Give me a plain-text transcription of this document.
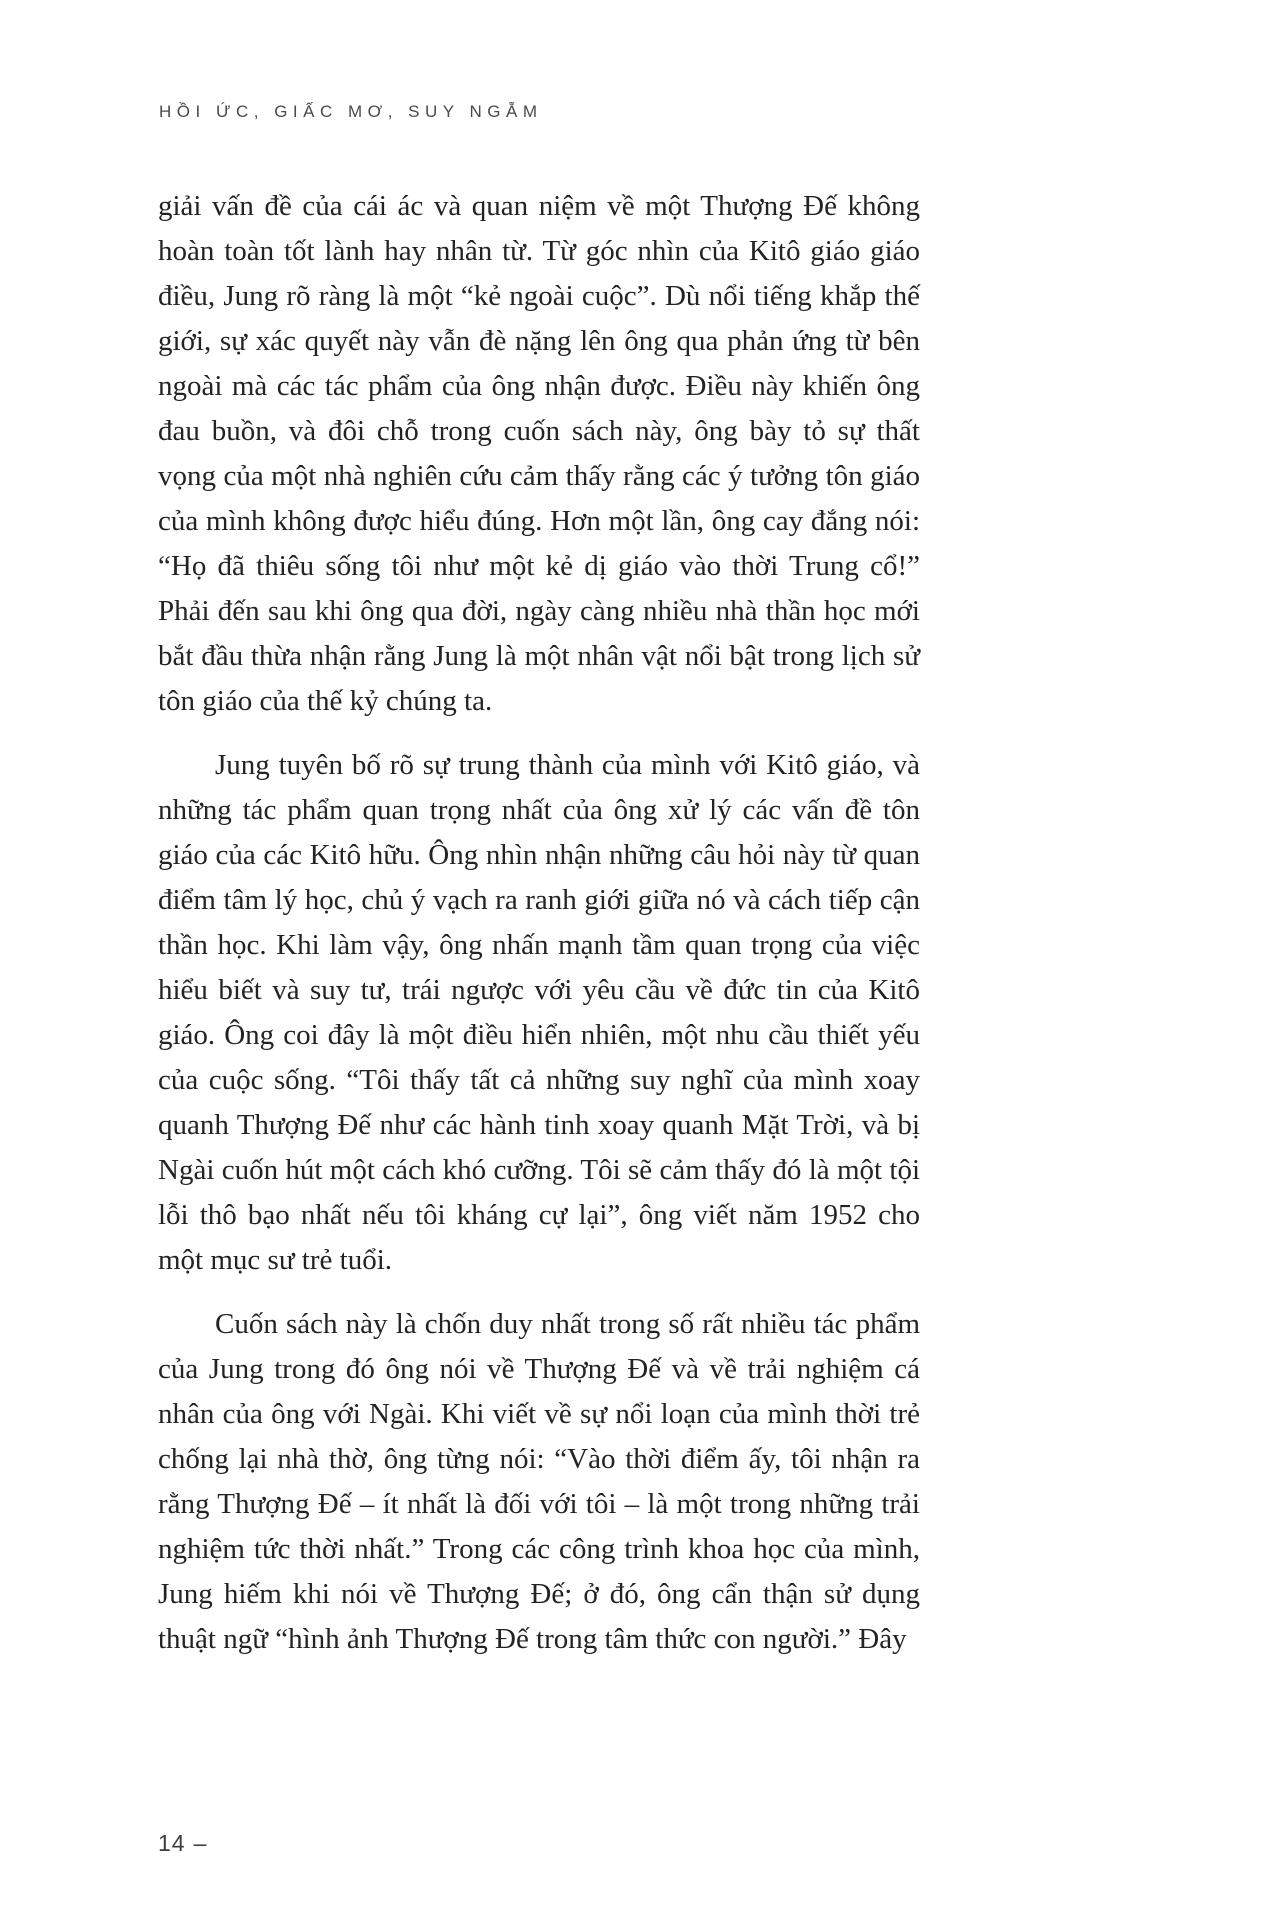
HỒI ỨC, GIẤC MƠ, SUY NGẪM

giải vấn đề của cái ác và quan niệm về một Thượng Đế không hoàn toàn tốt lành hay nhân từ. Từ góc nhìn của Kitô giáo giáo điều, Jung rõ ràng là một “kẻ ngoài cuộc”. Dù nổi tiếng khắp thế giới, sự xác quyết này vẫn đè nặng lên ông qua phản ứng từ bên ngoài mà các tác phẩm của ông nhận được. Điều này khiến ông đau buồn, và đôi chỗ trong cuốn sách này, ông bày tỏ sự thất vọng của một nhà nghiên cứu cảm thấy rằng các ý tưởng tôn giáo của mình không được hiểu đúng. Hơn một lần, ông cay đắng nói: “Họ đã thiêu sống tôi như một kẻ dị giáo vào thời Trung cổ!” Phải đến sau khi ông qua đời, ngày càng nhiều nhà thần học mới bắt đầu thừa nhận rằng Jung là một nhân vật nổi bật trong lịch sử tôn giáo của thế kỷ chúng ta.

Jung tuyên bố rõ sự trung thành của mình với Kitô giáo, và những tác phẩm quan trọng nhất của ông xử lý các vấn đề tôn giáo của các Kitô hữu. Ông nhìn nhận những câu hỏi này từ quan điểm tâm lý học, chủ ý vạch ra ranh giới giữa nó và cách tiếp cận thần học. Khi làm vậy, ông nhấn mạnh tầm quan trọng của việc hiểu biết và suy tư, trái ngược với yêu cầu về đức tin của Kitô giáo. Ông coi đây là một điều hiển nhiên, một nhu cầu thiết yếu của cuộc sống. “Tôi thấy tất cả những suy nghĩ của mình xoay quanh Thượng Đế như các hành tinh xoay quanh Mặt Trời, và bị Ngài cuốn hút một cách khó cưỡng. Tôi sẽ cảm thấy đó là một tội lỗi thô bạo nhất nếu tôi kháng cự lại”, ông viết năm 1952 cho một mục sư trẻ tuổi.

Cuốn sách này là chốn duy nhất trong số rất nhiều tác phẩm của Jung trong đó ông nói về Thượng Đế và về trải nghiệm cá nhân của ông với Ngài. Khi viết về sự nổi loạn của mình thời trẻ chống lại nhà thờ, ông từng nói: “Vào thời điểm ấy, tôi nhận ra rằng Thượng Đế – ít nhất là đối với tôi – là một trong những trải nghiệm tức thời nhất.” Trong các công trình khoa học của mình, Jung hiếm khi nói về Thượng Đế; ở đó, ông cẩn thận sử dụng thuật ngữ “hình ảnh Thượng Đế trong tâm thức con người.” Đây

14 –
